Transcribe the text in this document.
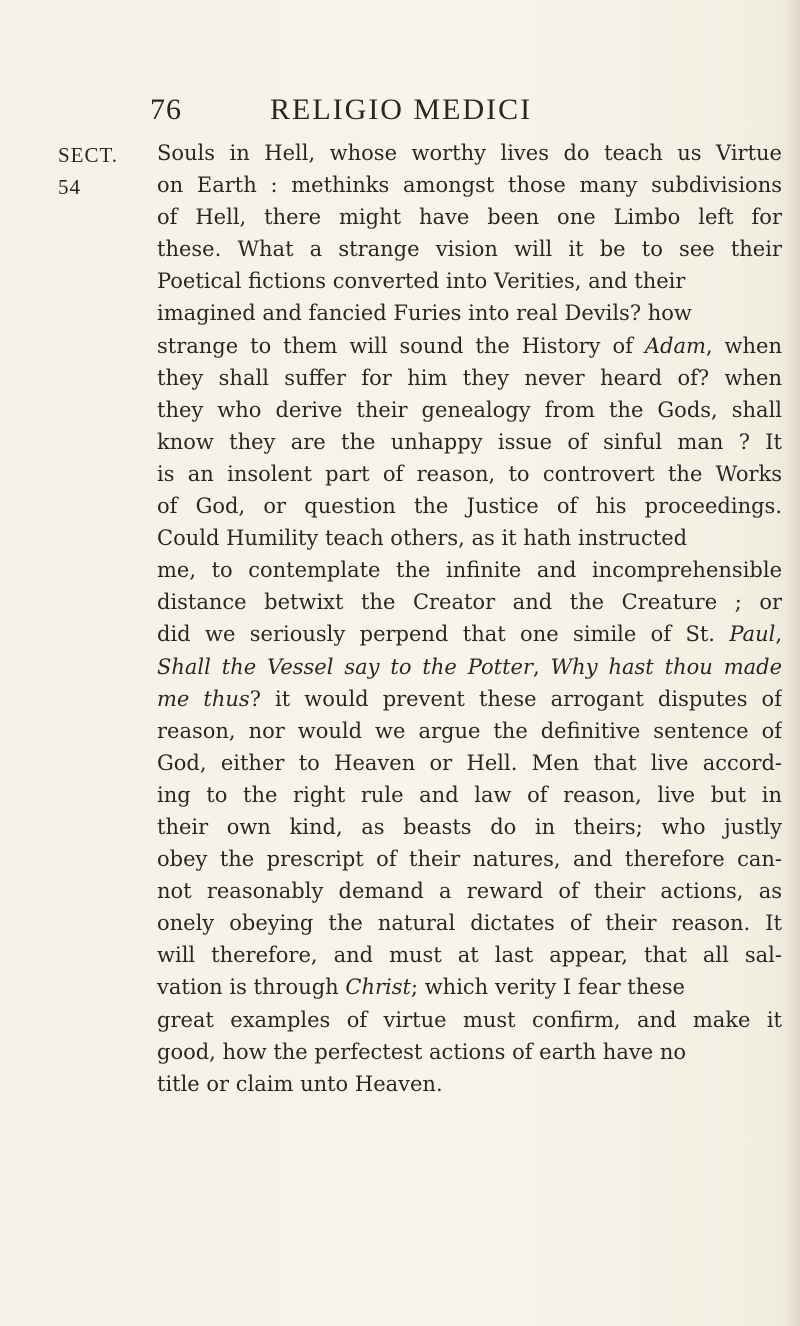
76	RELIGIO MEDICI
SECT.
54
Souls in Hell, whose worthy lives do teach us Virtue
on Earth : methinks amongst those many subdivisions
of Hell, there might have been one Limbo left for
these. What a strange vision will it be to see their
Poetical fictions converted into Verities, and their
imagined and fancied Furies into real Devils? how
strange to them will sound the History of Adam, when
they shall suffer for him they never heard of? when
they who derive their genealogy from the Gods, shall
know they are the unhappy issue of sinful man ? It
is an insolent part of reason, to controvert the Works
of God, or question the Justice of his proceedings.
Could Humility teach others, as it hath instructed
me, to contemplate the infinite and incomprehensible
distance betwixt the Creator and the Creature ; or
did we seriously perpend that one simile of St. Paul,
Shall the Vessel say to the Potter, Why hast thou made
me thus? it would prevent these arrogant disputes of
reason, nor would we argue the definitive sentence of
God, either to Heaven or Hell. Men that live accord-
ing to the right rule and law of reason, live but in
their own kind, as beasts do in theirs; who justly
obey the prescript of their natures, and therefore can-
not reasonably demand a reward of their actions, as
onely obeying the natural dictates of their reason. It
will therefore, and must at last appear, that all sal-
vation is through Christ; which verity I fear these
great examples of virtue must confirm, and make it
good, how the perfectest actions of earth have no
title or claim unto Heaven.
